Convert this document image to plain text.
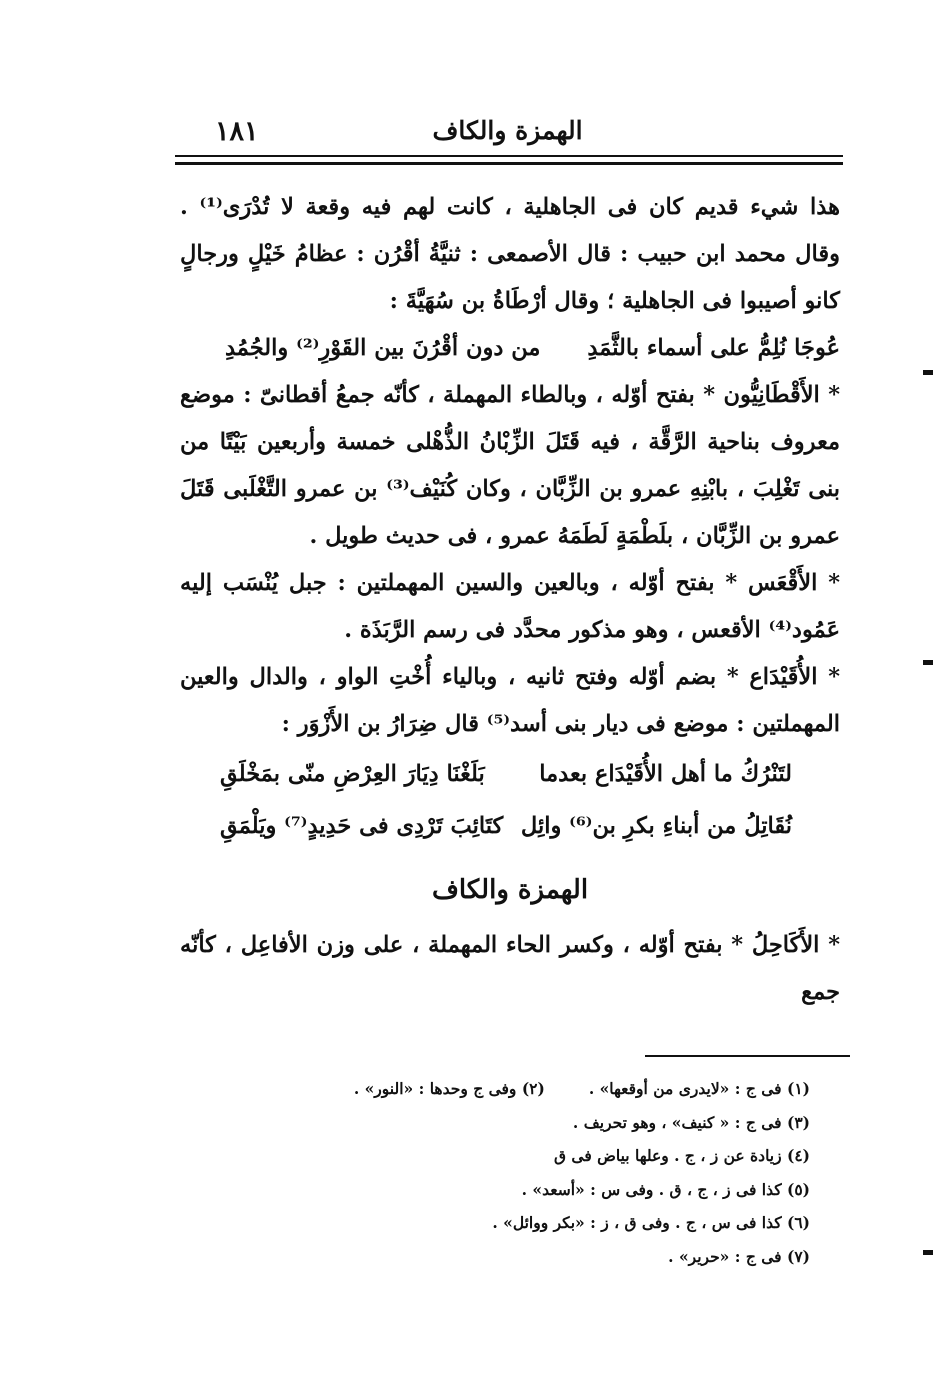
الهمزة والكاف
١٨١

هذا شيء قديم كان فى الجاهلية ، كانت لهم فيه وقعة لا تُدْرَى⁽¹⁾ . وقال محمد ابن حبيب : قال الأصمعى : ثنيَّةُ أقْرُن : عظامُ خَيْلٍ ورجالٍ كانو أصيبوا فى الجاهلية ؛ وقال أرْطَاةُ بن سُهَيَّةَ :

عُوجَا نُلِمُّ على أسماء بالثَّمَدِ      من دون أقْرُنَ بين القَوْرِ⁽²⁾ والجُمُدِ

* الأَقْطَانِيُّون * بفتح أوّله ، وبالطاء المهملة ، كأنّه جمعُ أقطانىّ : موضع معروف بناحية الرَّقَّة ، فيه قَتَلَ الزِّبْانُ الذُّهْلى خمسة وأربعين بَيْتًا من بنى تَغْلِبَ ، بابْنِهِ عمرو بن الزِّبَّان ، وكان كُنَيْف⁽³⁾ بن عمرو التَّغْلَبى قَتَلَ عمرو بن الزِّبَّان ، بلَطْمَةٍ لَطَمَهُ عمرو ، فى حديث طويل .

* الأَقْعَس * بفتح أوّله ، وبالعين والسين المهملتين : جبل يُنْسَب إليه عَمُود⁽⁴⁾ الأقعس ، وهو مذكور محدَّد فى رسم الرَّبَذَة .

* الأُقَيْدَاع * بضم أوّله وفتح ثانيه ، وبالياء أُخْتِ الواو ، والدال والعين المهملتين : موضع فى ديار بنى أسد⁽⁵⁾ قال ضِرَارُ بن الأَزْوَر :

لتَنْرُكُ ما أهل الأُقَيْدَاع بعدما
بَلَغْنَا دِيَارَ العِرْضِ منّى بمَخْلَقِ
نُقَاتِلُ من أبناءِ بكرِ بن⁽⁶⁾ وائِل
كتَائِبَ تَرْدِى فى حَدِيدٍ⁽⁷⁾ ويَلْمَقِ
الهمزة والكاف

* الأَكَاحِلُ * بفتح أوّله ، وكسر الحاء المهملة ، على وزن الأفاعِل ، كأنّه جمع

(١) فى ج : «لايدرى من أوقعها» .
(٢) وفى ج وحدها : «النور» .
(٣) فى ج : « كنيف» ، وهو تحريف .
(٤) زيادة عن ز ، ج . وعلها بياض فى ق
(٥) كذا فى ز ، ج ، ق . وفى س : «أسعد» .
(٦) كذا فى س ، ج . وفى ق ، ز : «بكر ووائل» .
(٧) فى ج : «حرير» .
